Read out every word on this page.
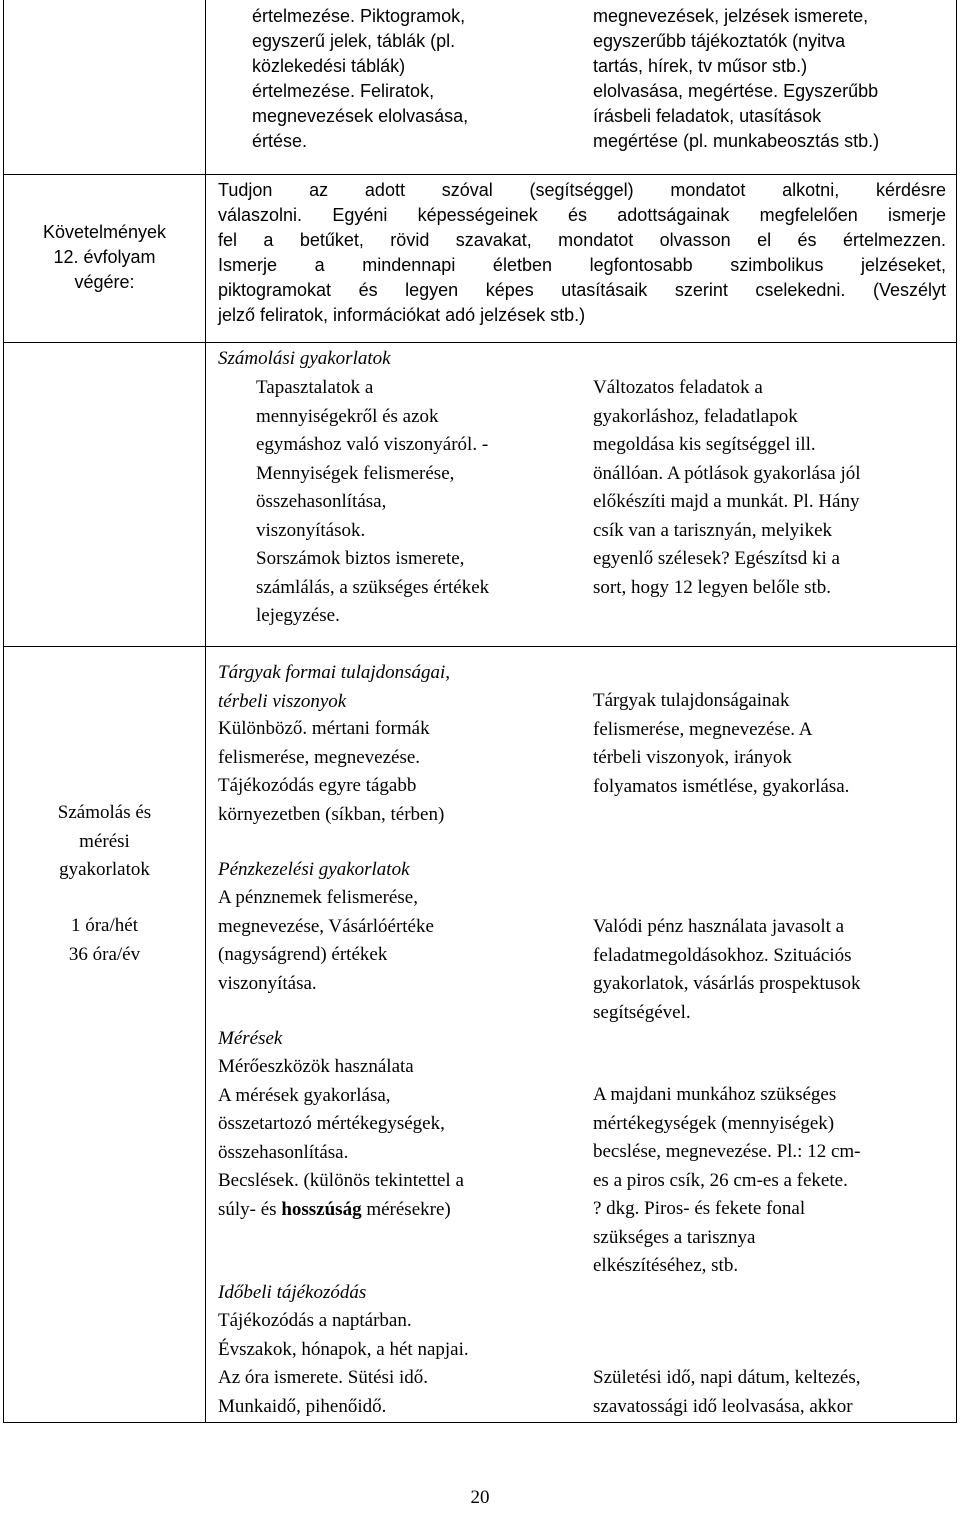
értelmezése. Piktogramok,
egyszerű jelek, táblák (pl.
közlekedési táblák)
értelmezése. Feliratok,
megnevezések elolvasása,
értése.
megnevezések, jelzések ismerete,
egyszerűbb tájékoztatók (nyitva
tartás, hírek, tv műsor stb.)
elolvasása, megértése. Egyszerűbb
írásbeli feladatok, utasítások
megértése (pl. munkabeosztás stb.)
Követelmények
12. évfolyam
végére:

Tudjon az adott szóval (segítséggel) mondatot alkotni, kérdésre

válaszolni. Egyéni képességeinek és adottságainak megfelelően ismerje

fel a betűket, rövid szavakat, mondatot olvasson el és értelmezzen.

Ismerje a mindennapi életben legfontosabb szimbolikus jelzéseket,

piktogramokat és legyen képes utasításaik szerint cselekedni. (Veszélyt

jelző feliratok, információkat adó jelzések stb.)

Számolási gyakorlatok
Tapasztalatok a
mennyiségekről és azok
egymáshoz való viszonyáról. -
Mennyiségek felismerése,
összehasonlítása,
viszonyítások.
Sorszámok biztos ismerete,
számlálás, a szükséges értékek
lejegyzése.
Változatos feladatok a
gyakorláshoz, feladatlapok
megoldása kis segítséggel ill.
önállóan. A pótlások gyakorlása jól
előkészíti majd a munkát. Pl. Hány
csík van a tarisznyán, melyikek
egyenlő szélesek? Egészítsd ki a
sort, hogy 12 legyen belőle stb.
Számolás és
mérési
gyakorlatok
1 óra/hét
36 óra/év
Tárgyak formai tulajdonságai,
térbeli viszonyok
Különböző. mértani formák
felismerése, megnevezése.
Tájékozódás egyre tágabb
környezetben (síkban, térben)
Tárgyak tulajdonságainak
felismerése, megnevezése. A
térbeli viszonyok, irányok
folyamatos ismétlése, gyakorlása.
Pénzkezelési gyakorlatok
A pénznemek felismerése,
megnevezése, Vásárlóértéke
(nagyságrend) értékek
viszonyítása.
Valódi pénz használata javasolt a
feladatmegoldásokhoz. Szituációs
gyakorlatok, vásárlás prospektusok
segítségével.
Mérések
Mérőeszközök használata
A mérések gyakorlása,
összetartozó mértékegységek,
összehasonlítása.
Becslések. (különös tekintettel a
súly- és hosszúság mérésekre)
A majdani munkához szükséges
mértékegységek (mennyiségek)
becslése, megnevezése. Pl.: 12 cm-
es a piros csík, 26 cm-es a fekete.
? dkg. Piros- és fekete fonal
szükséges a tarisznya
elkészítéséhez, stb.
Időbeli tájékozódás
Tájékozódás a naptárban.
Évszakok, hónapok, a hét napjai.
Az óra ismerete. Sütési idő.
Munkaidő, pihenőidő.
Születési idő, napi dátum, keltezés,
szavatossági idő leolvasása, akkor
20
